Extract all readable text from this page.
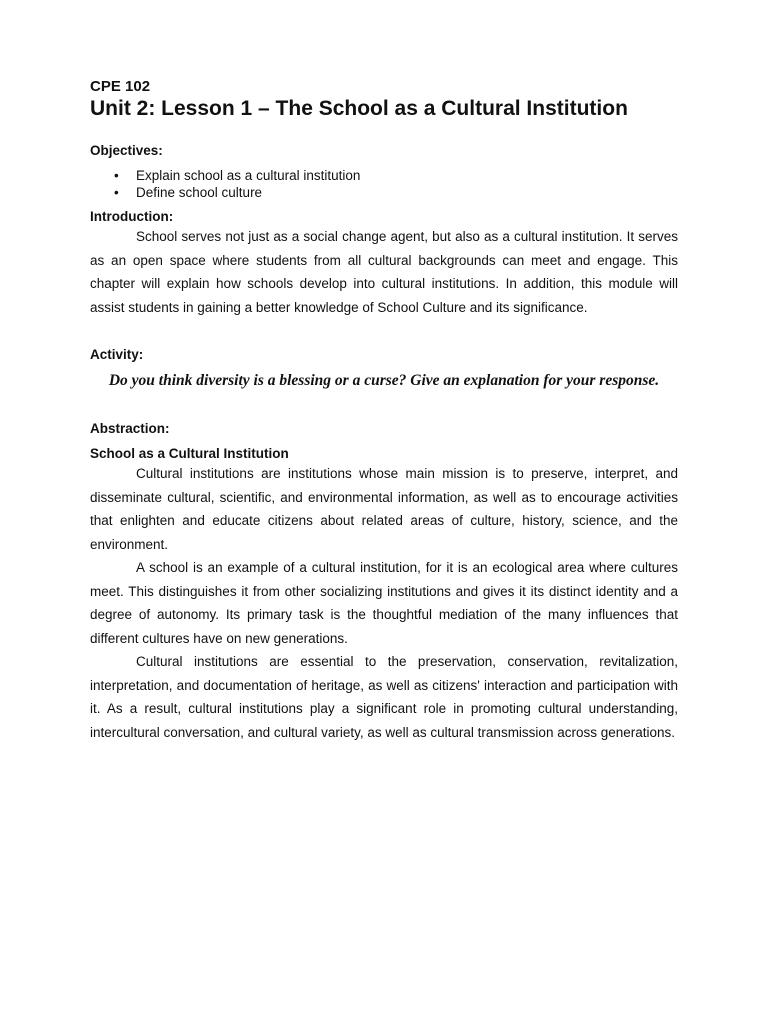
CPE 102
Unit 2: Lesson 1 – The School as a Cultural Institution
Objectives:
• Explain school as a cultural institution
• Define school culture
Introduction:

School serves not just as a social change agent, but also as a cultural institution. It serves as an open space where students from all cultural backgrounds can meet and engage. This chapter will explain how schools develop into cultural institutions. In addition, this module will assist students in gaining a better knowledge of School Culture and its significance.

Activity:

Do you think diversity is a blessing or a curse? Give an explanation for your response.

Abstraction:
School as a Cultural Institution

Cultural institutions are institutions whose main mission is to preserve, interpret, and disseminate cultural, scientific, and environmental information, as well as to encourage activities that enlighten and educate citizens about related areas of culture, history, science, and the environment.

A school is an example of a cultural institution, for it is an ecological area where cultures meet. This distinguishes it from other socializing institutions and gives it its distinct identity and a degree of autonomy. Its primary task is the thoughtful mediation of the many influences that different cultures have on new generations.

Cultural institutions are essential to the preservation, conservation, revitalization, interpretation, and documentation of heritage, as well as citizens' interaction and participation with it. As a result, cultural institutions play a significant role in promoting cultural understanding, intercultural conversation, and cultural variety, as well as cultural transmission across generations.
